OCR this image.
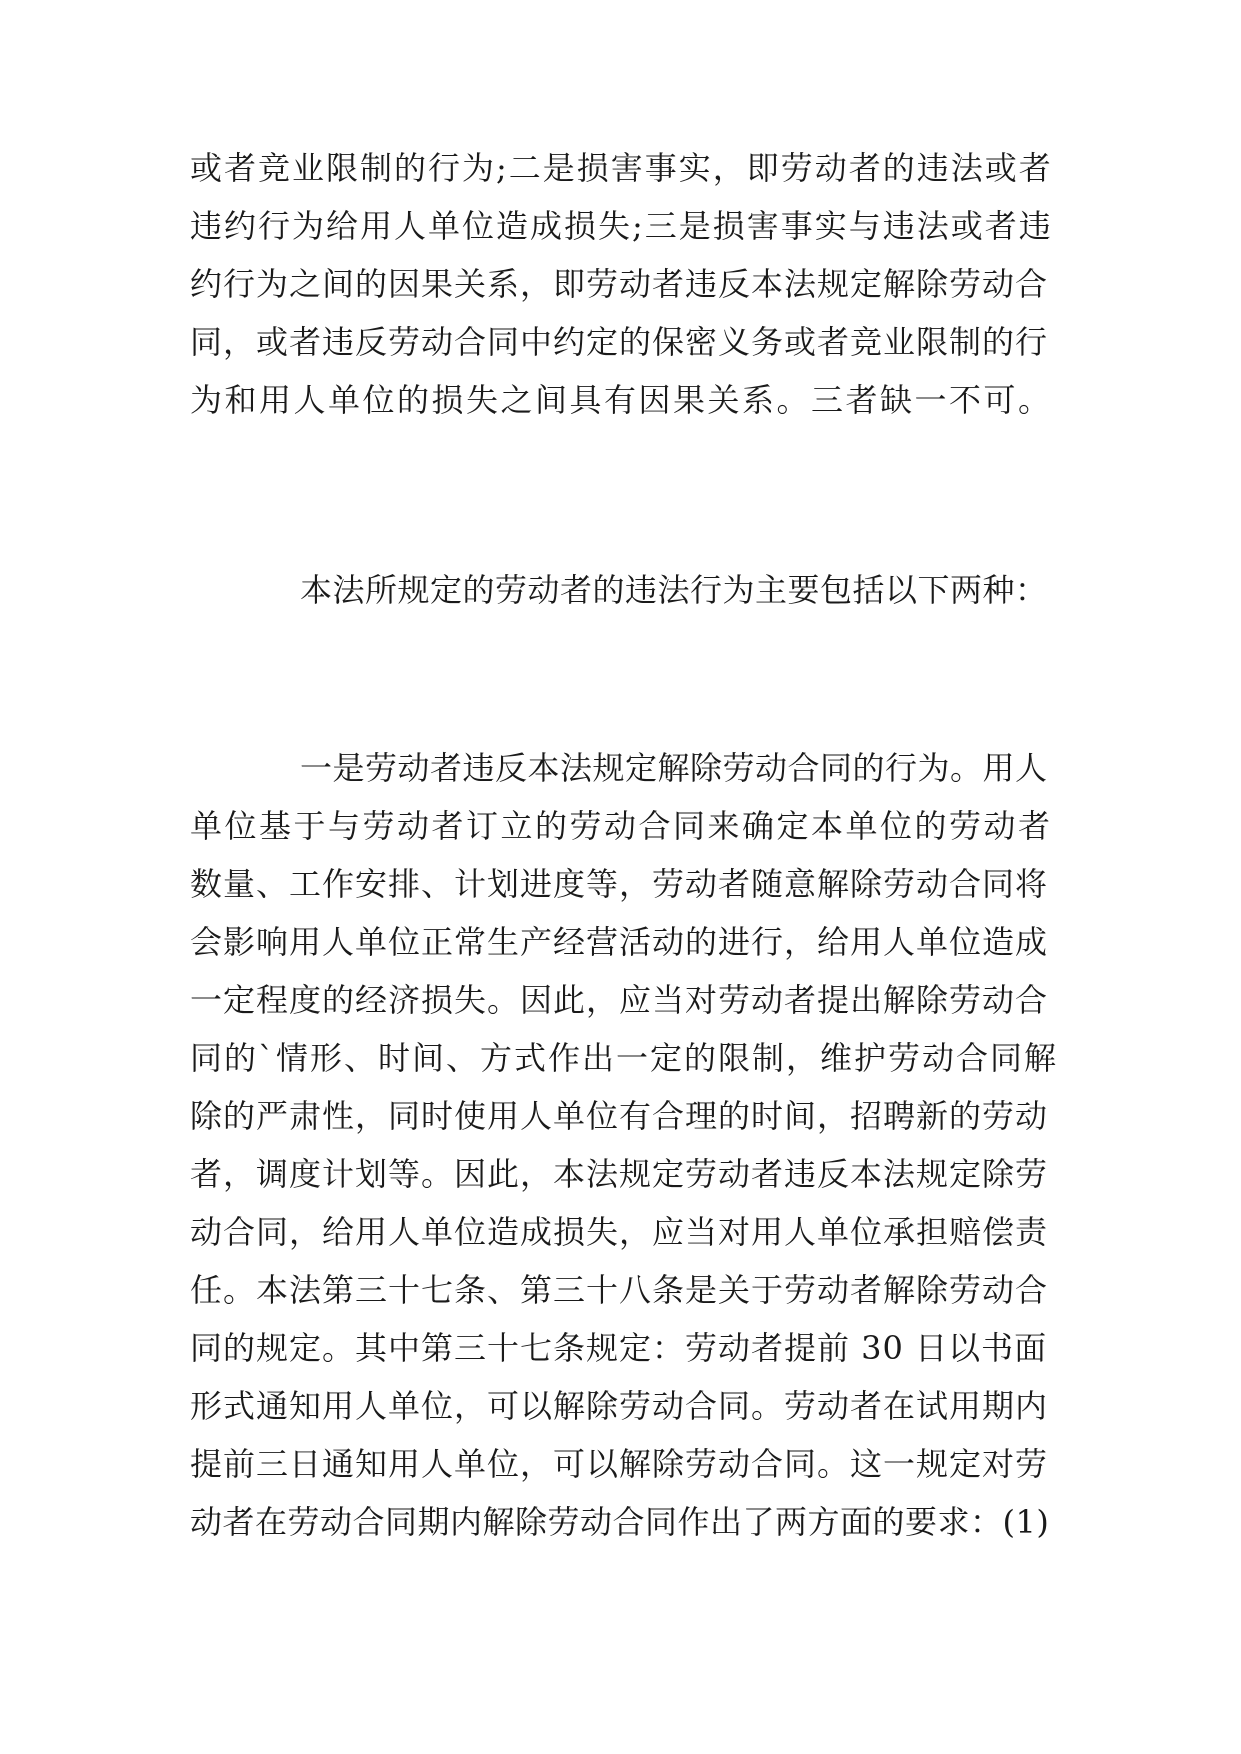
或者竞业限制的行为;二是损害事实，即劳动者的违法或者
违约行为给用人单位造成损失;三是损害事实与违法或者违
约行为之间的因果关系，即劳动者违反本法规定解除劳动合
同，或者违反劳动合同中约定的保密义务或者竞业限制的行
为和用人单位的损失之间具有因果关系。三者缺一不可。
本法所规定的劳动者的违法行为主要包括以下两种：
一是劳动者违反本法规定解除劳动合同的行为。用人
单位基于与劳动者订立的劳动合同来确定本单位的劳动者
数量、工作安排、计划进度等，劳动者随意解除劳动合同将
会影响用人单位正常生产经营活动的进行，给用人单位造成
一定程度的经济损失。因此，应当对劳动者提出解除劳动合
同的`情形、时间、方式作出一定的限制，维护劳动合同解
除的严肃性，同时使用人单位有合理的时间，招聘新的劳动
者，调度计划等。因此，本法规定劳动者违反本法规定除劳
动合同，给用人单位造成损失，应当对用人单位承担赔偿责
任。本法第三十七条、第三十八条是关于劳动者解除劳动合
同的规定。其中第三十七条规定：劳动者提前 30 日以书面
形式通知用人单位，可以解除劳动合同。劳动者在试用期内
提前三日通知用人单位，可以解除劳动合同。这一规定对劳
动者在劳动合同期内解除劳动合同作出了两方面的要求：(1)
